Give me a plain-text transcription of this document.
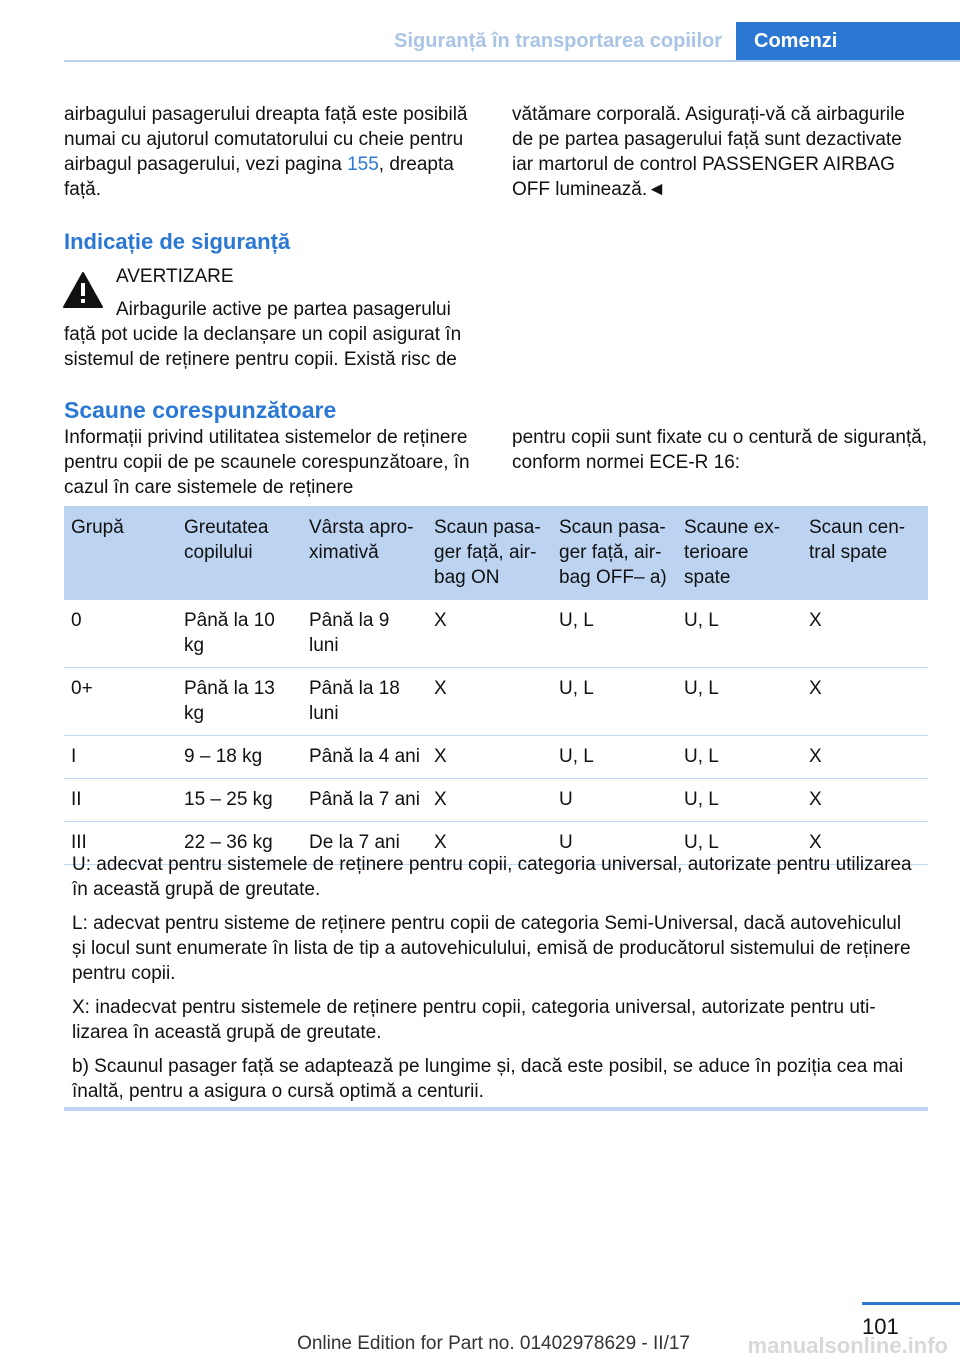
Siguranță în transportarea copiilor	Comenzi

airbagului pasagerului dreapta față este posibilă numai cu ajutorul comutatorului cu cheie pentru airbagul pasagerului, vezi pagina 155, dreapta față.

vătămare corporală. Asigurați-vă că airbagurile de pe partea pasagerului față sunt dezactivate iar martorul de control PASSENGER AIRBAG OFF luminează.◄

Indicație de siguranță
AVERTIZARE
Airbagurile active pe partea pasagerului față pot ucide la declanșare un copil asigurat în sistemul de reținere pentru copii. Există risc de
Scaune corespunzătoare

Informații privind utilitatea sistemelor de reținere pentru copii de pe scaunele corespunzătoare, în cazul în care sistemele de reținere

pentru copii sunt fixate cu o centură de siguranță, conform normei ECE-R 16:

Grupă	Greutatea copilului	Vârsta aproximativă	Scaun pasager față, airbag ON	Scaun pasager față, airbag OFF– a)	Scaune exterioare spate	Scaun central spate
0	Până la 10 kg	Până la 9 luni	X	U, L	U, L	X
0+	Până la 13 kg	Până la 18 luni	X	U, L	U, L	X
I	9 – 18 kg	Până la 4 ani	X	U, L	U, L	X
II	15 – 25 kg	Până la 7 ani	X	U	U, L	X
III	22 – 36 kg	De la 7 ani	X	U	U, L	X

U: adecvat pentru sistemele de reținere pentru copii, categoria universal, autorizate pentru utilizarea în această grupă de greutate.

L: adecvat pentru sisteme de reținere pentru copii de categoria Semi-Universal, dacă autovehiculul și locul sunt enumerate în lista de tip a autovehiculului, emisă de producătorul sistemului de reținere pentru copii.

X: inadecvat pentru sistemele de reținere pentru copii, categoria universal, autorizate pentru utilizarea în această grupă de greutate.

b) Scaunul pasager față se adaptează pe lungime și, dacă este posibil, se aduce în poziția cea mai înaltă, pentru a asigura o cursă optimă a centurii.

101
Online Edition for Part no. 01402978629 - II/17	manualsonline.info
